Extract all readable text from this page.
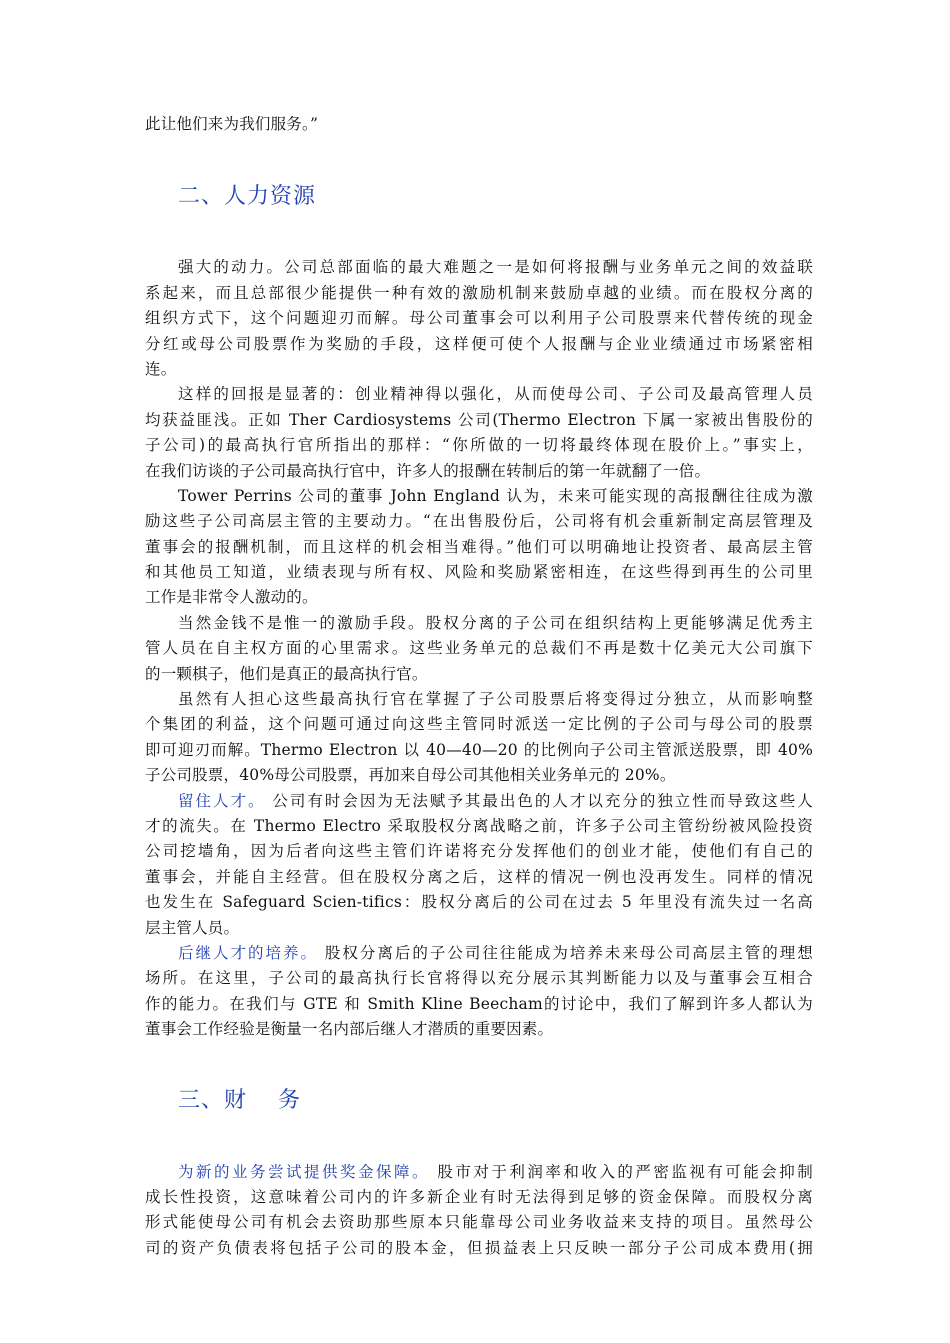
此让他们来为我们服务。”
二、人力资源

强大的动力。公司总部面临的最大难题之一是如何将报酬与业务单元之间的效益联
系起来，而且总部很少能提供一种有效的激励机制来鼓励卓越的业绩。而在股权分离的
组织方式下，这个问题迎刃而解。母公司董事会可以利用子公司股票来代替传统的现金
分红或母公司股票作为奖励的手段，这样便可使个人报酬与企业业绩通过市场紧密相
连。

这样的回报是显著的：创业精神得以强化，从而使母公司、子公司及最高管理人员
均获益匪浅。正如 Ther Cardiosystems 公司(Thermo Electron 下属一家被出售股份的
子公司)的最高执行官所指出的那样：“你所做的一切将最终体现在股价上。”事实上，
在我们访谈的子公司最高执行官中，许多人的报酬在转制后的第一年就翻了一倍。

Tower Perrins 公司的董事 John England 认为，未来可能实现的高报酬往往成为激
励这些子公司高层主管的主要动力。“在出售股份后，公司将有机会重新制定高层管理及
董事会的报酬机制，而且这样的机会相当难得。”他们可以明确地让投资者、最高层主管
和其他员工知道，业绩表现与所有权、风险和奖励紧密相连，在这些得到再生的公司里
工作是非常令人激动的。

当然金钱不是惟一的激励手段。股权分离的子公司在组织结构上更能够满足优秀主
管人员在自主权方面的心里需求。这些业务单元的总裁们不再是数十亿美元大公司旗下
的一颗棋子，他们是真正的最高执行官。

虽然有人担心这些最高执行官在掌握了子公司股票后将变得过分独立，从而影响整
个集团的利益，这个问题可通过向这些主管同时派送一定比例的子公司与母公司的股票
即可迎刃而解。Thermo Electron 以 40—40—20 的比例向子公司主管派送股票，即 40%
子公司股票，40%母公司股票，再加来自母公司其他相关业务单元的 20%。

留住人才。 公司有时会因为无法赋予其最出色的人才以充分的独立性而导致这些人
才的流失。在 Thermo Electro 采取股权分离战略之前，许多子公司主管纷纷被风险投资
公司挖墙角，因为后者向这些主管们许诺将充分发挥他们的创业才能，使他们有自己的
董事会，并能自主经营。但在股权分离之后，这样的情况一例也没再发生。同样的情况
也发生在 Safeguard Scien-tifics：股权分离后的公司在过去 5 年里没有流失过一名高
层主管人员。

后继人才的培养。 股权分离后的子公司往往能成为培养未来母公司高层主管的理想
场所。在这里，子公司的最高执行长官将得以充分展示其判断能力以及与董事会互相合
作的能力。在我们与 GTE 和 Smith Kline Beecham的讨论中，我们了解到许多人都认为
董事会工作经验是衡量一名内部后继人才潜质的重要因素。

三、财　 务

为新的业务尝试提供奖金保障。 股市对于利润率和收入的严密监视有可能会抑制
成长性投资，这意味着公司内的许多新企业有时无法得到足够的资金保障。而股权分离
形式能使母公司有机会去资助那些原本只能靠母公司业务收益来支持的项目。虽然母公
司的资产负债表将包括子公司的股本金，但损益表上只反映一部分子公司成本费用(拥
